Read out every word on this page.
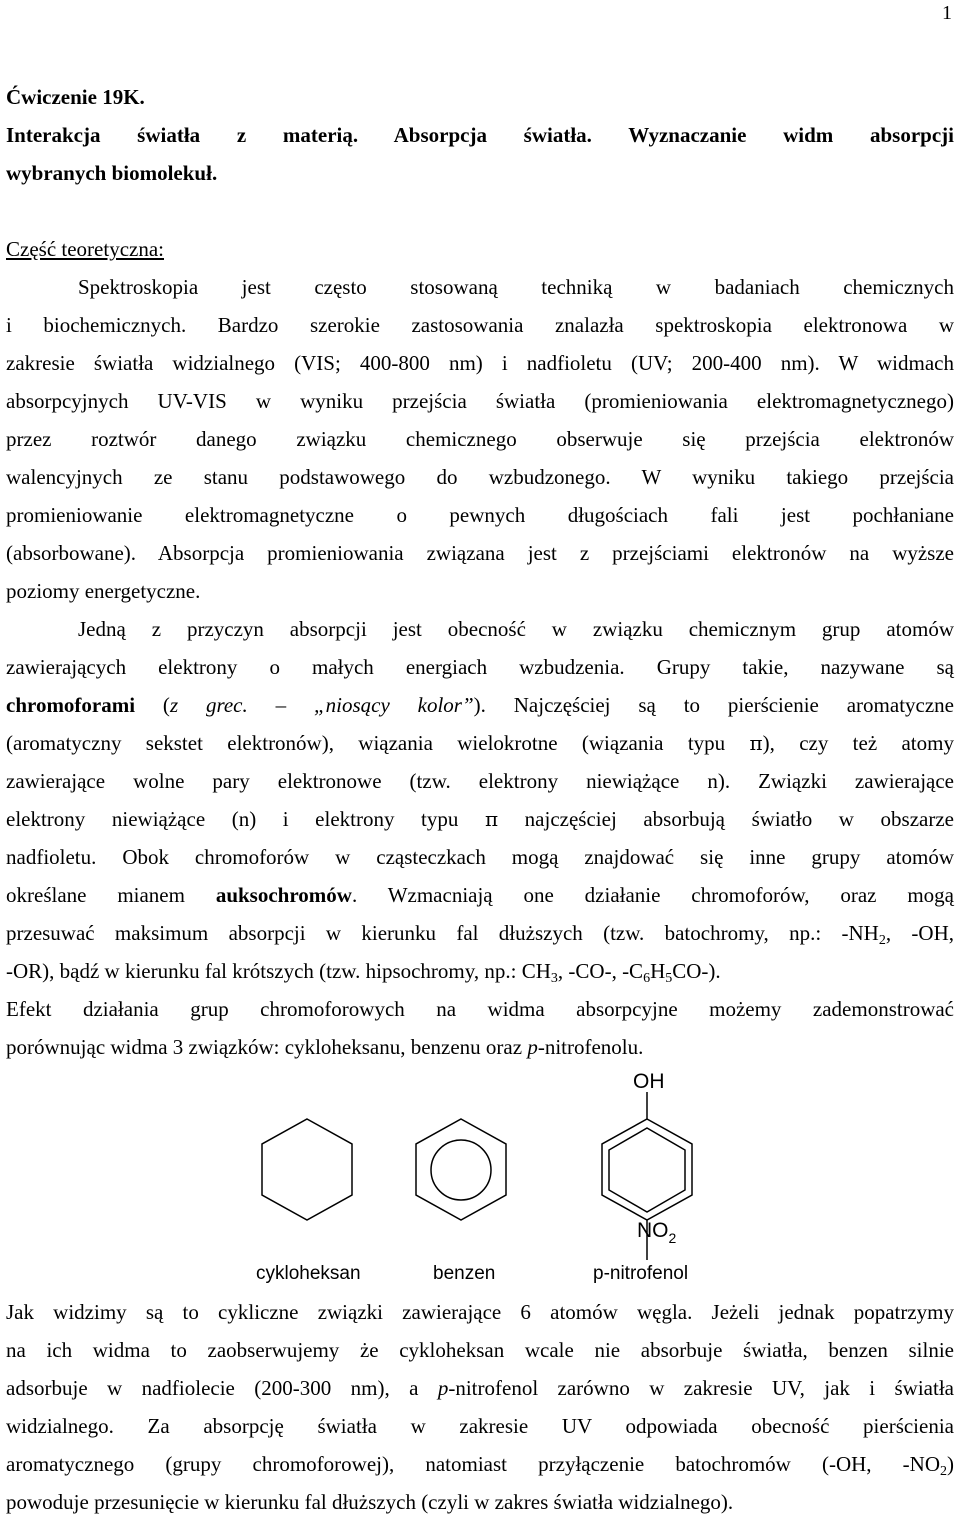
1

Ćwiczenie 19K.

Interakcja światła z materią. Absorpcja światła. Wyznaczanie widm absorpcji

wybranych biomolekuł.

Część teoretyczna:

Spektroskopia jest często stosowaną techniką w badaniach chemicznych

i biochemicznych. Bardzo szerokie zastosowania znalazła spektroskopia elektronowa w

zakresie światła widzialnego (VIS; 400-800 nm) i nadfioletu (UV; 200-400 nm). W widmach

absorpcyjnych UV-VIS w wyniku przejścia światła (promieniowania elektromagnetycznego)

przez roztwór danego związku chemicznego obserwuje się przejścia elektronów

walencyjnych ze stanu podstawowego do wzbudzonego. W wyniku takiego przejścia

promieniowanie elektromagnetyczne o pewnych długościach fali jest pochłaniane

(absorbowane). Absorpcja promieniowania związana jest z przejściami elektronów na wyższe

poziomy energetyczne.

Jedną z przyczyn absorpcji jest obecność w związku chemicznym grup atomów

zawierających elektrony o małych energiach wzbudzenia. Grupy takie, nazywane są

chromoforami (z grec. – „niosący kolor”). Najczęściej są to pierścienie aromatyczne

(aromatyczny sekstet elektronów), wiązania wielokrotne (wiązania typu π), czy też atomy

zawierające wolne pary elektronowe (tzw. elektrony niewiążące n). Związki zawierające

elektrony niewiążące (n) i elektrony typu π najczęściej absorbują światło w obszarze

nadfioletu. Obok chromoforów w cząsteczkach mogą znajdować się inne grupy atomów

określane mianem auksochromów. Wzmacniają one działanie chromoforów, oraz mogą

przesuwać maksimum absorpcji w kierunku fal dłuższych (tzw. batochromy, np.: $-NH_2$, -OH,

-OR), bądź w kierunku fal krótszych (tzw. hipsochromy, np.: $CH_3$, -CO-, $-C_6H_5CO-$).

Efekt działania grup chromoforowych na widma absorpcyjne możemy zademonstrować

porównując widma 3 związków: cykloheksanu, benzenu oraz p-nitrofenolu.

OH
$NO_2$
cykloheksan	benzen	p-nitrofenol

Jak widzimy są to cykliczne związki zawierające 6 atomów węgla. Jeżeli jednak popatrzymy

na ich widma to zaobserwujemy że cykloheksan wcale nie absorbuje światła, benzen silnie

adsorbuje w nadfiolecie (200-300 nm), a p-nitrofenol zarówno w zakresie UV, jak i światła

widzialnego. Za absorpcję światła w zakresie UV odpowiada obecność pierścienia

aromatycznego (grupy chromoforowej), natomiast przyłączenie batochromów (-OH, $-NO_2$)

powoduje przesunięcie w kierunku fal dłuższych (czyli w zakres światła widzialnego).
